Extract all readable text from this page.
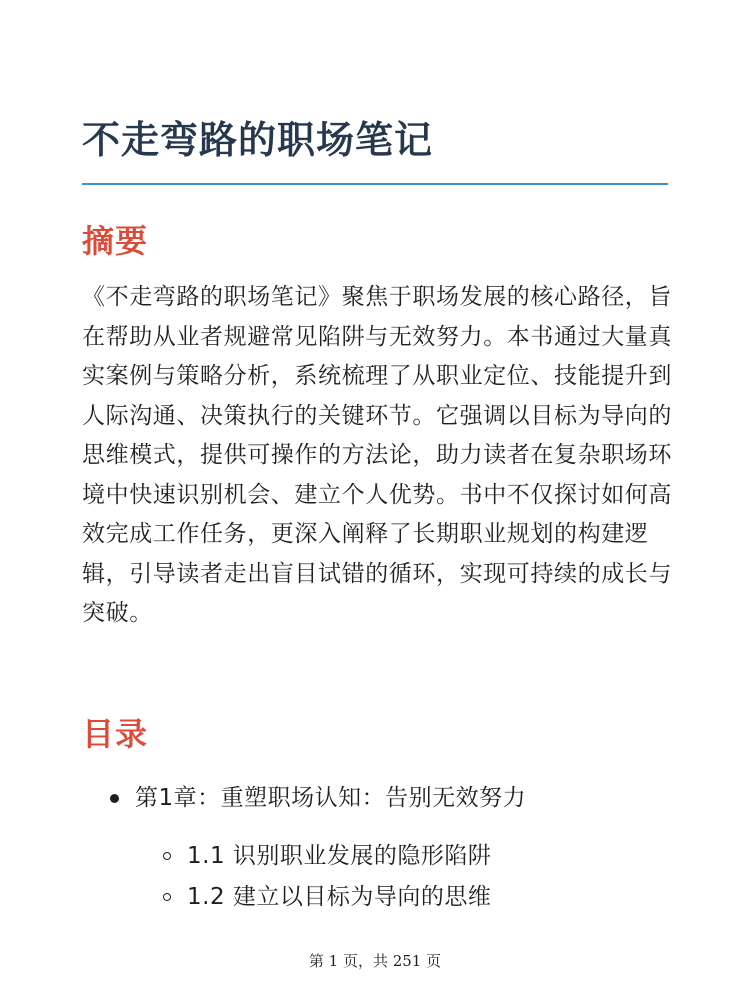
不走弯路的职场笔记
摘要

《不走弯路的职场笔记》聚焦于职场发展的核心路径，旨在帮助从业者规避常见陷阱与无效努力。本书通过大量真实案例与策略分析，系统梳理了从职业定位、技能提升到人际沟通、决策执行的关键环节。它强调以目标为导向的思维模式，提供可操作的方法论，助力读者在复杂职场环境中快速识别机会、建立个人优势。书中不仅探讨如何高效完成工作任务，更深入阐释了长期职业规划的构建逻辑，引导读者走出盲目试错的循环，实现可持续的成长与突破。

目录
第1章：重塑职场认知：告别无效努力
1.1 识别职业发展的隐形陷阱
1.2 建立以目标为导向的思维
第 1 页，共 251 页
